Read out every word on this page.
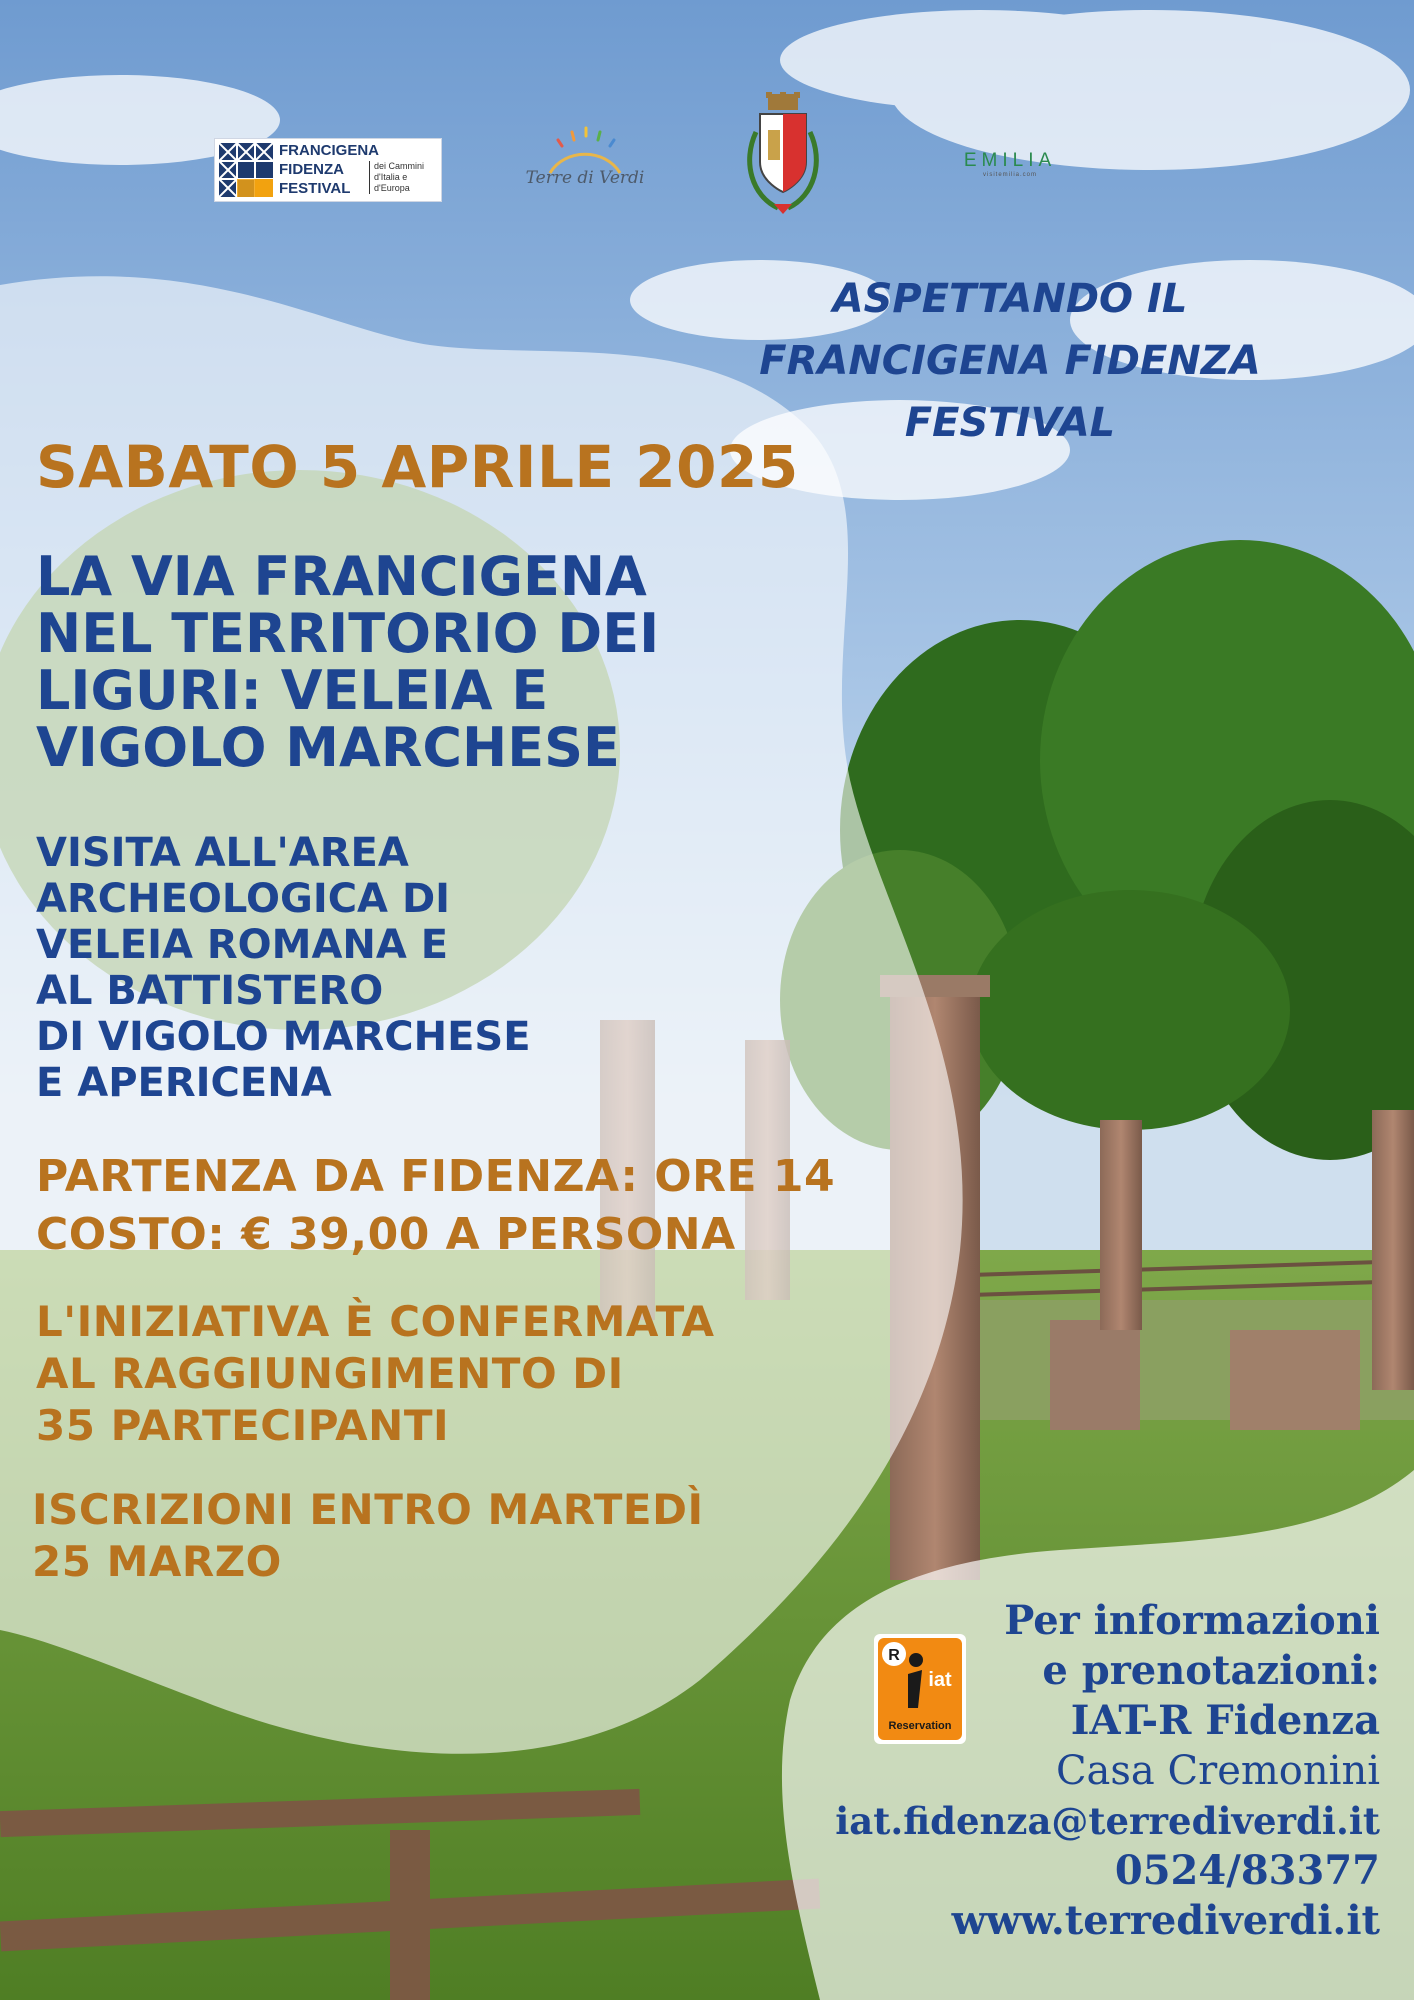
FRANCIGENA
FIDENZA
FESTIVAL
dei Cammini d'Italia e d'Europa	Terre di Verdi
EMILIA
visitemilia.com
ASPETTANDO IL
FRANCIGENA FIDENZA FESTIVAL
SABATO 5 APRILE 2025
LA VIA FRANCIGENA
NEL TERRITORIO DEI
LIGURI: VELEIA E
VIGOLO MARCHESE
VISITA ALL'AREA
ARCHEOLOGICA DI
VELEIA ROMANA E
AL BATTISTERO
DI VIGOLO MARCHESE
E APERICENA
PARTENZA DA FIDENZA: ORE 14
COSTO: € 39,00 A PERSONA
L'INIZIATIVA È CONFERMATA
AL RAGGIUNGIMENTO DI
35 PARTECIPANTI
ISCRIZIONI ENTRO MARTEDÌ
25 MARZO
R
iat
Reservation
Per informazioni
e prenotazioni:
IAT-R Fidenza
Casa Cremonini
iat.fidenza@terrediverdi.it
0524/83377
www.terrediverdi.it
